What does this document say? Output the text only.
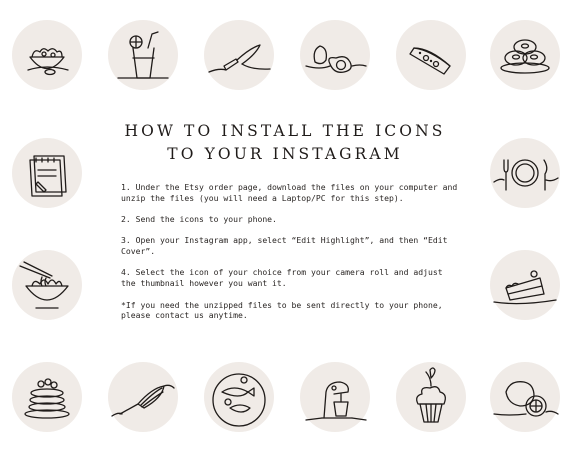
HOW TO INSTALL THE ICONS
TO YOUR INSTAGRAM

1. Under the Etsy order page, download the files on your computer and unzip the files (you will need a Laptop/PC for this step).

2. Send the icons to your phone.

3. Open your Instagram app, select “Edit Highlight”, and then “Edit Cover”.

4. Select the icon of your choice from your camera roll and adjust the thumbnail however you want it.

*If you need the unzipped files to be sent directly to your phone, please contact us anytime.
